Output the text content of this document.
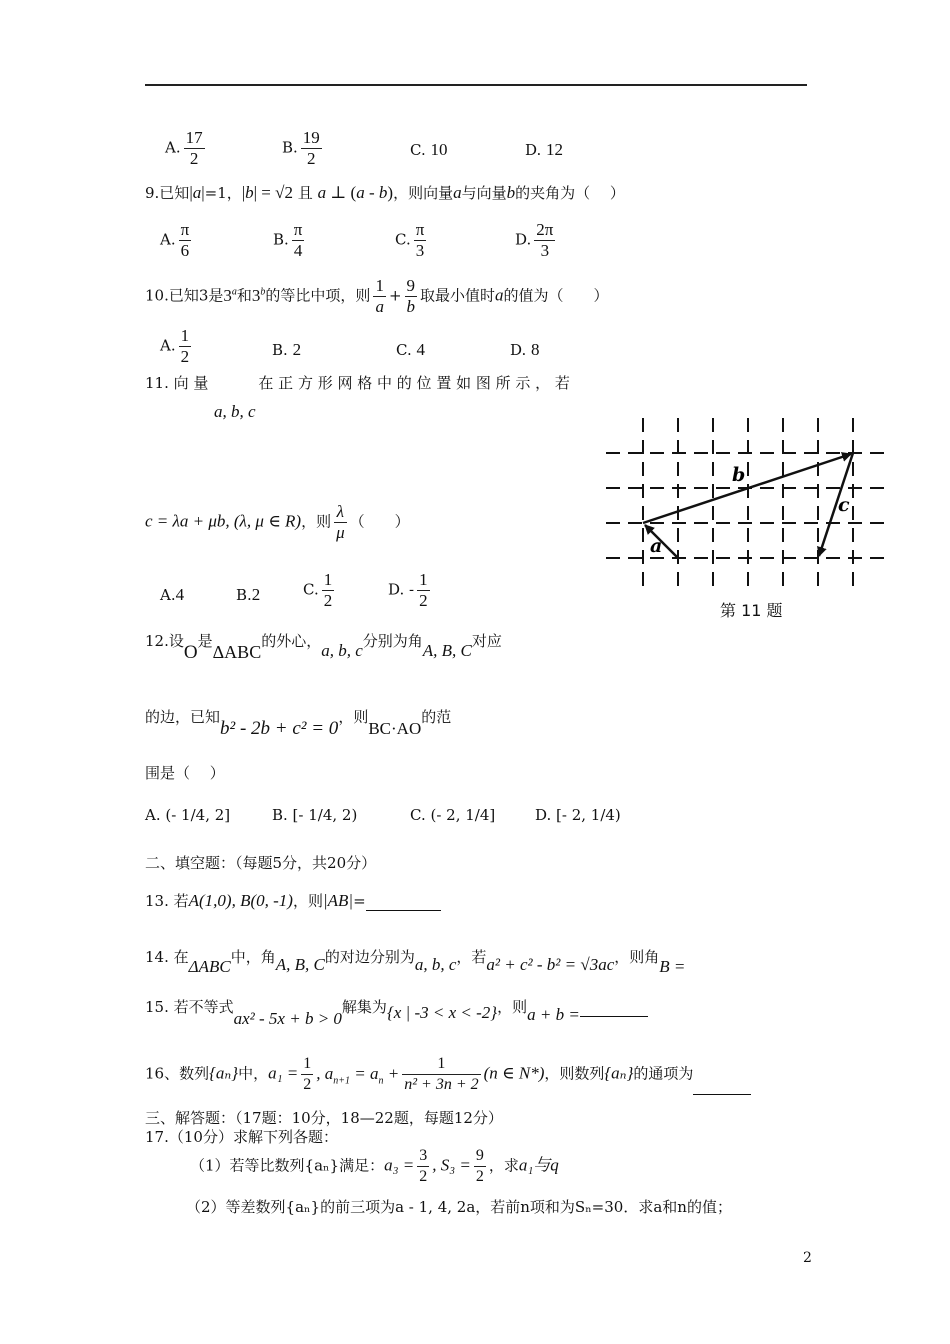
A. $\frac{17}{2}$	B. $\frac{19}{2}$	C. 10	D. 12
9.已知|a|=1，|b| = √2 且 a ⊥ (a - b)，则向量a与向量b的夹角为（　 ）
A. $\frac{\pi}{6}$	B. $\frac{\pi}{4}$	C. $\frac{\pi}{3}$	D. $\frac{2\pi}{3}$
10.已知3是3$^a$和3$^b$的等比中项，则 $\frac{1}{a} + \frac{9}{b}$ 取最小值时a的值为（　　）
A. $\frac{1}{2}$	B. 2	C. 4	D. 8
11. 向 量	在 正 方 形 网 格 中 的 位 置 如 图 所 示 ， 若
a, b, c
c = λa + μb, (λ, μ ∈ R)，则 $\frac{\lambda}{\mu}$ （　　）
A.4	B.2	C. $\frac{1}{2}$	D. - $\frac{1}{2}$
b
a
c
第 11 题
12.设O是ΔABC的外心，a, b, c分别为角A, B, C对应
的边，已知b² - 2b + c² = 0，则BC·AO的范
围是（　 ）
A. (- 1/4, 2]	B. [- 1/4, 2)	C. (- 2, 1/4]	D. [- 2, 1/4)
二、填空题：（每题5分，共20分）
13. 若A(1,0), B(0, -1)，则|AB|=
14. 在ΔABC中，角A, B, C的对边分别为a, b, c，若a² + c² - b² = √3ac，则角B =
15. 若不等式ax² - 5x + b > 0解集为{x | -3 < x < -2}，则a + b =
16、数列{aₙ}中，$a_1 = \frac{1}{2}$ , $a_{n+1} = a_n + \frac{1}{\text{n² + 3n + 2}} (n$ ∈ N*)，则数列{aₙ}的通项为
三、解答题：（17题：10分，18—22题，每题12分）
17.（10分）求解下列各题：
（1）若等比数列{aₙ}满足：$a_3 = \frac{3}{2}$ , $S_3 = \frac{9}{2}$ ，求a₁与q
（2）等差数列{aₙ}的前三项为a - 1, 4, 2a，若前n项和为Sₙ=30．求a和n的值；
2
